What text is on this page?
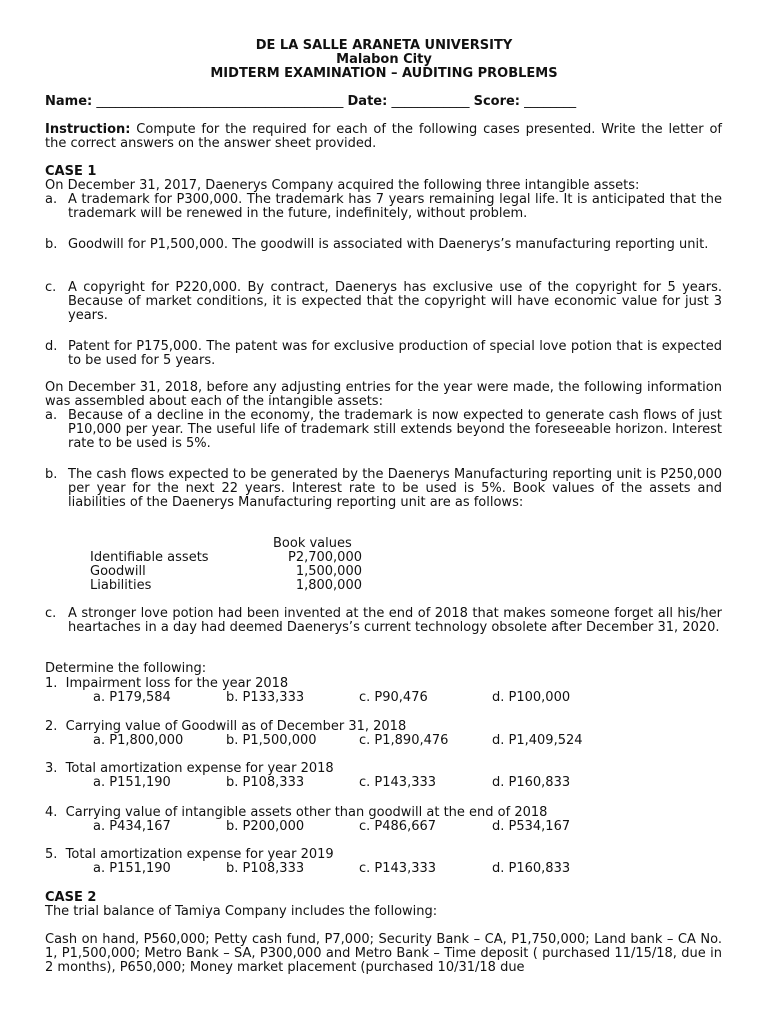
DE LA SALLE ARANETA UNIVERSITY
Malabon City
MIDTERM EXAMINATION – AUDITING PROBLEMS
Name: ______________________________________ Date: ____________ Score: ________
Instruction: Compute for the required for each of the following cases presented. Write the letter of the correct answers on the answer sheet provided.
CASE 1
On December 31, 2017, Daenerys Company acquired the following three intangible assets:
a. A trademark for P300,000. The trademark has 7 years remaining legal life. It is anticipated that the trademark will be renewed in the future, indefinitely, without problem.
b. Goodwill for P1,500,000. The goodwill is associated with Daenerys’s manufacturing reporting unit.
c. A copyright for P220,000. By contract, Daenerys has exclusive use of the copyright for 5 years. Because of market conditions, it is expected that the copyright will have economic value for just 3 years.
d. Patent for P175,000. The patent was for exclusive production of special love potion that is expected to be used for 5 years.
On December 31, 2018, before any adjusting entries for the year were made, the following information was assembled about each of the intangible assets:
a. Because of a decline in the economy, the trademark is now expected to generate cash flows of just P10,000 per year. The useful life of trademark still extends beyond the foreseeable horizon. Interest rate to be used is 5%.
b. The cash flows expected to be generated by the Daenerys Manufacturing reporting unit is P250,000 per year for the next 22 years. Interest rate to be used is 5%. Book values of the assets and liabilities of the Daenerys Manufacturing reporting unit are as follows:
Book values
Identifiable assets	P2,700,000
Goodwill	1,500,000
Liabilities	1,800,000
c. A stronger love potion had been invented at the end of 2018 that makes someone forget all his/her heartaches in a day had deemed Daenerys’s current technology obsolete after December 31, 2020.
Determine the following:
1. Impairment loss for the year 2018
a. P179,584	b. P133,333	c. P90,476	d. P100,000
2. Carrying value of Goodwill as of December 31, 2018
a. P1,800,000	b. P1,500,000	c. P1,890,476	d. P1,409,524
3. Total amortization expense for year 2018
a. P151,190	b. P108,333	c. P143,333	d. P160,833
4. Carrying value of intangible assets other than goodwill at the end of 2018
a. P434,167	b. P200,000	c. P486,667	d. P534,167
5. Total amortization expense for year 2019
a. P151,190	b. P108,333	c. P143,333	d. P160,833
CASE 2
The trial balance of Tamiya Company includes the following:
Cash on hand, P560,000; Petty cash fund, P7,000; Security Bank – CA, P1,750,000; Land bank – CA No. 1, P1,500,000; Metro Bank – SA, P300,000 and Metro Bank – Time deposit ( purchased 11/15/18, due in 2 months), P650,000; Money market placement (purchased 10/31/18 due
